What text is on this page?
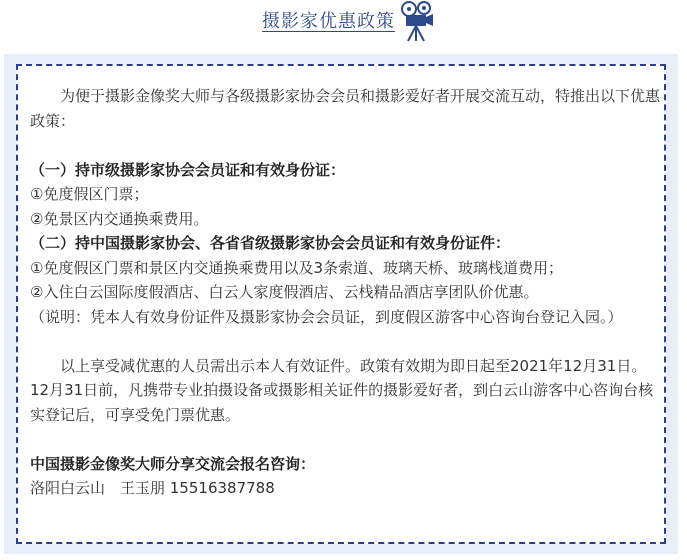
摄影家优惠政策

为便于摄影金像奖大师与各级摄影家协会会员和摄影爱好者开展交流互动，特推出以下优惠政策：

（一）持市级摄影家协会会员证和有效身份证：

①免度假区门票；

②免景区内交通换乘费用。

（二）持中国摄影家协会、各省省级摄影家协会会员证和有效身份证件：

①免度假区门票和景区内交通换乘费用以及3条索道、玻璃天桥、玻璃栈道费用；

②入住白云国际度假酒店、白云人家度假酒店、云栈精品酒店享团队价优惠。

（说明：凭本人有效身份证件及摄影家协会会员证，到度假区游客中心咨询台登记入园。）

以上享受减优惠的人员需出示本人有效证件。政策有效期为即日起至2021年12月31日。12月31日前，凡携带专业拍摄设备或摄影相关证件的摄影爱好者，到白云山游客中心咨询台核实登记后，可享受免门票优惠。

中国摄影金像奖大师分享交流会报名咨询：

洛阳白云山　王玉朋 15516387788
